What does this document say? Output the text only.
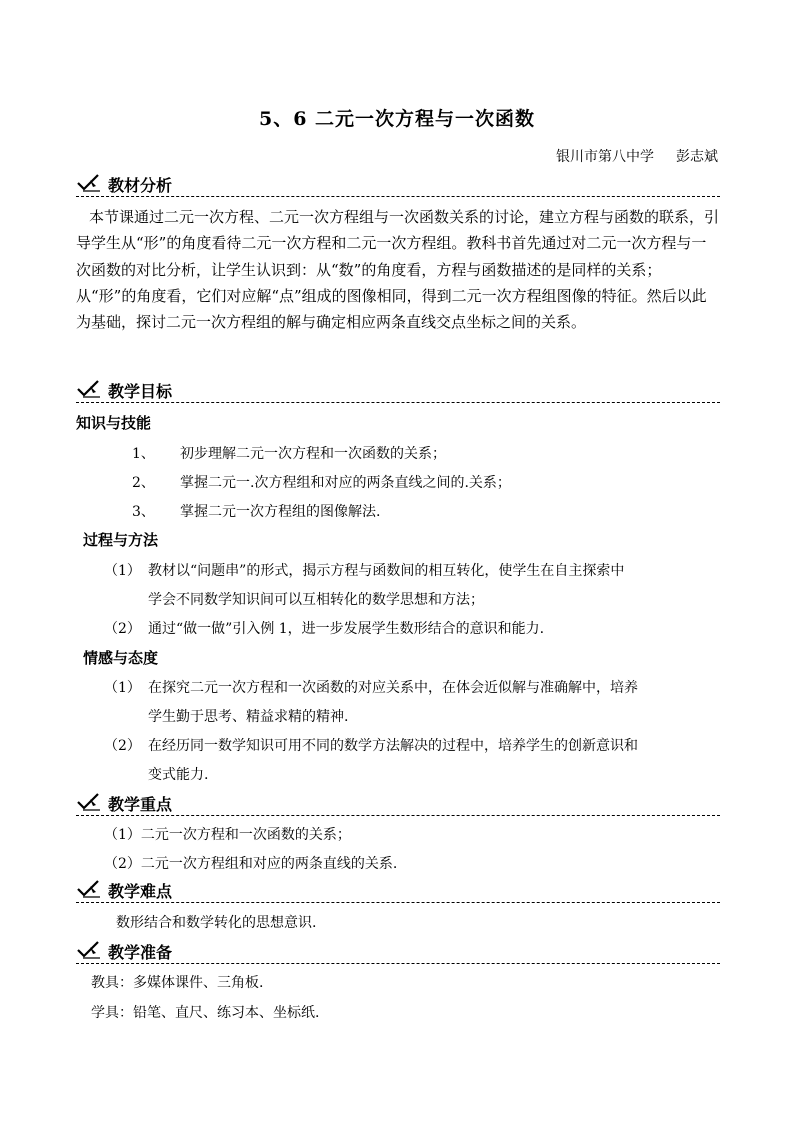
5、6 二元一次方程与一次函数
银川市第八中学 彭志斌
教材分析
本节课通过二元一次方程、二元一次方程组与一次函数关系的讨论，建立方程与函数的联系，引导学生从“形”的角度看待二元一次方程和二元一次方程组。教科书首先通过对二元一次方程与一次函数的对比分析，让学生认识到：从“数”的角度看，方程与函数描述的是同样的关系；从“形”的角度看，它们对应解“点”组成的图像相同，得到二元一次方程组图像的特征。然后以此为基础，探讨二元一次方程组的解与确定相应两条直线交点坐标之间的关系。
教学目标
知识与技能
1、 初步理解二元一次方程和一次函数的关系；
2、 掌握二元一.次方程组和对应的两条直线之间的.关系；
3、 掌握二元一次方程组的图像解法.
过程与方法
（1） 教材以“问题串”的形式，揭示方程与函数间的相互转化，使学生在自主探索中
学会不同数学知识间可以互相转化的数学思想和方法；
（2） 通过“做一做”引入例 1，进一步发展学生数形结合的意识和能力.
情感与态度
（1） 在探究二元一次方程和一次函数的对应关系中，在体会近似解与准确解中，培养
学生勤于思考、精益求精的精神.
（2） 在经历同一数学知识可用不同的数学方法解决的过程中，培养学生的创新意识和
变式能力.
教学重点
（1）二元一次方程和一次函数的关系；
（2）二元一次方程组和对应的两条直线的关系.
教学难点
数形结合和数学转化的思想意识.
教学准备
教具：多媒体课件、三角板.
学具：铅笔、直尺、练习本、坐标纸.
